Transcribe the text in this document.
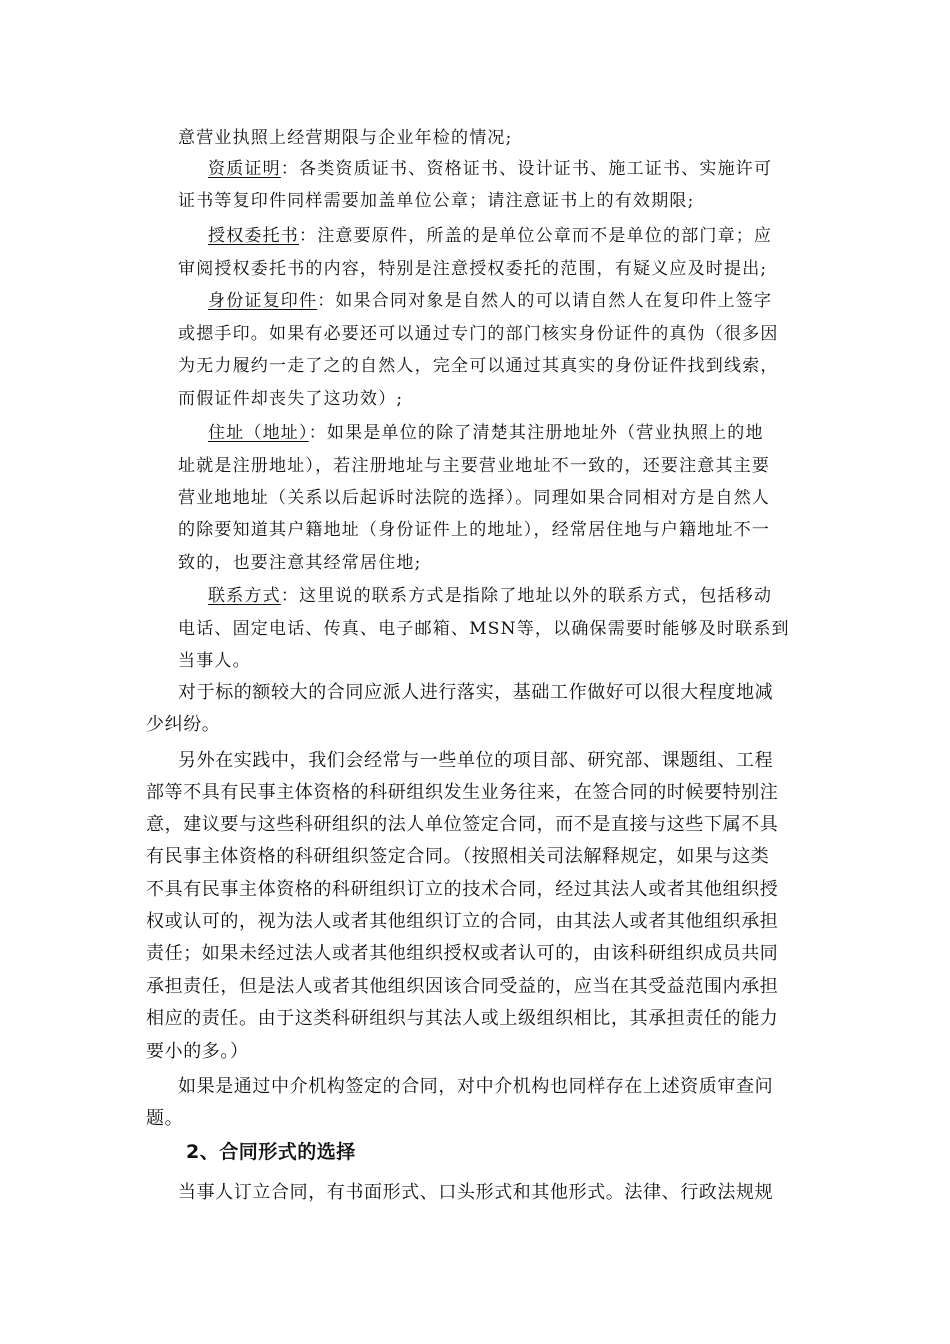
意营业执照上经营期限与企业年检的情况;
资质证明：各类资质证书、资格证书、设计证书、施工证书、实施许可
证书等复印件同样需要加盖单位公章；请注意证书上的有效期限;
授权委托书：注意要原件，所盖的是单位公章而不是单位的部门章；应
审阅授权委托书的内容，特别是注意授权委托的范围，有疑义应及时提出;
身份证复印件：如果合同对象是自然人的可以请自然人在复印件上签字
或摁手印。如果有必要还可以通过专门的部门核实身份证件的真伪（很多因
为无力履约一走了之的自然人，完全可以通过其真实的身份证件找到线索，
而假证件却丧失了这功效）;
住址（地址）：如果是单位的除了清楚其注册地址外（营业执照上的地
址就是注册地址），若注册地址与主要营业地址不一致的，还要注意其主要
营业地地址（关系以后起诉时法院的选择）。同理如果合同相对方是自然人
的除要知道其户籍地址（身份证件上的地址），经常居住地与户籍地址不一
致的，也要注意其经常居住地;
联系方式：这里说的联系方式是指除了地址以外的联系方式，包括移动
电话、固定电话、传真、电子邮箱、MSN等，以确保需要时能够及时联系到
当事人。
对于标的额较大的合同应派人进行落实，基础工作做好可以很大程度地减
少纠纷。
另外在实践中，我们会经常与一些单位的项目部、研究部、课题组、工程
部等不具有民事主体资格的科研组织发生业务往来，在签合同的时候要特别注
意，建议要与这些科研组织的法人单位签定合同，而不是直接与这些下属不具
有民事主体资格的科研组织签定合同。（按照相关司法解释规定，如果与这类
不具有民事主体资格的科研组织订立的技术合同，经过其法人或者其他组织授
权或认可的，视为法人或者其他组织订立的合同，由其法人或者其他组织承担
责任；如果未经过法人或者其他组织授权或者认可的，由该科研组织成员共同
承担责任，但是法人或者其他组织因该合同受益的，应当在其受益范围内承担
相应的责任。由于这类科研组织与其法人或上级组织相比，其承担责任的能力
要小的多。）
如果是通过中介机构签定的合同，对中介机构也同样存在上述资质审查问
题。
2、合同形式的选择
当事人订立合同，有书面形式、口头形式和其他形式。法律、行政法规规
